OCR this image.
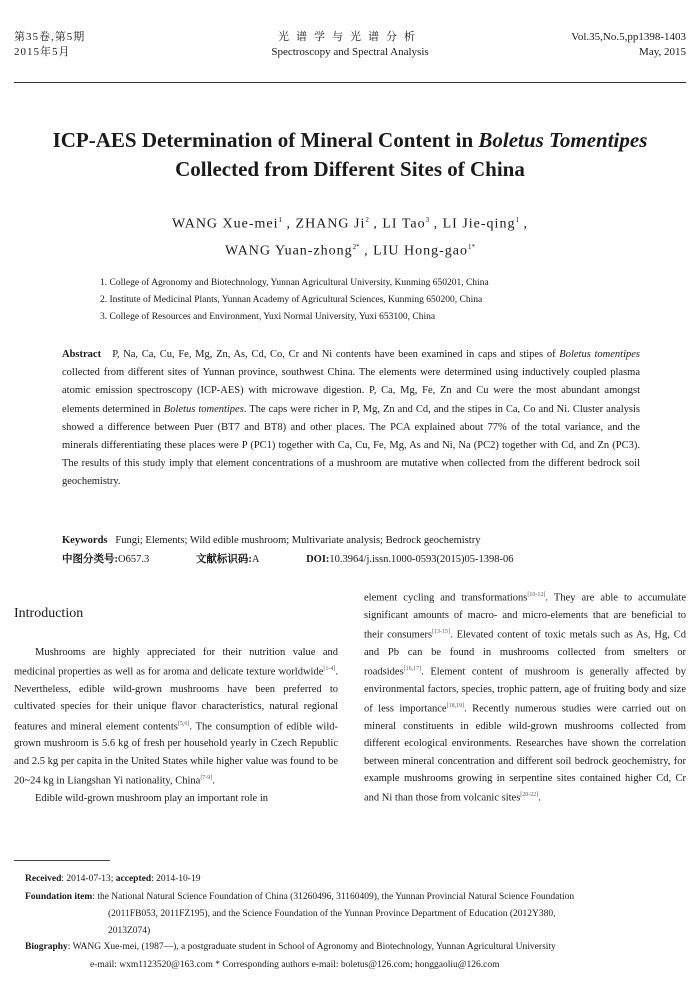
第35卷,第5期
2015年5月
光谱学与光谱分析
Spectroscopy and Spectral Analysis
Vol.35,No.5,pp1398-1403
May, 2015
ICP-AES Determination of Mineral Content in Boletus Tomentipes
Collected from Different Sites of China
WANG Xue-mei$^1$ , ZHANG Ji$^2$ , LI Tao$^3$ , LI Jie-qing$^1$ ,
WANG Yuan-zhong$^{2*}$ , LIU Hong-gao$^{1*}$
1. College of Agronomy and Biotechnology, Yunnan Agricultural University, Kunming 650201, China
2. Institute of Medicinal Plants, Yunnan Academy of Agricultural Sciences, Kunming 650200, China
3. College of Resources and Environment, Yuxi Normal University, Yuxi 653100, China
Abstract P, Na, Ca, Cu, Fe, Mg, Zn, As, Cd, Co, Cr and Ni contents have been examined in caps and stipes of Boletus tomentipes collected from different sites of Yunnan province, southwest China. The elements were determined using inductively coupled plasma atomic emission spectroscopy (ICP-AES) with microwave digestion. P, Ca, Mg, Fe, Zn and Cu were the most abundant amongst elements determined in Boletus tomentipes. The caps were richer in P, Mg, Zn and Cd, and the stipes in Ca, Co and Ni. Cluster analysis showed a difference between Puer (BT7 and BT8) and other places. The PCA explained about 77% of the total variance, and the minerals differentiating these places were P (PC1) together with Ca, Cu, Fe, Mg, As and Ni, Na (PC2) together with Cd, and Zn (PC3). The results of this study imply that element concentrations of a mushroom are mutative when collected from the different bedrock soil geochemistry.
Keywords Fungi; Elements; Wild edible mushroom; Multivariate analysis; Bedrock geochemistry
中图分类号:O657.3	文献标识码:A	DOI:10.3964/j.issn.1000-0593(2015)05-1398-06
Introduction

Mushrooms are highly appreciated for their nutrition value and medicinal properties as well as for aroma and delicate texture worldwide[1-4]. Nevertheless, edible wild-grown mushrooms have been preferred to cultivated species for their unique flavor characteristics, natural regional features and mineral element contents[5,6]. The consumption of edible wild-grown mushroom is 5.6 kg of fresh per household yearly in Czech Republic and 2.5 kg per capita in the United States while higher value was found to be 20~24 kg in Liangshan Yi nationality, China[7-9].

Edible wild-grown mushroom play an important role in

element cycling and transformations[10-12]. They are able to accumulate significant amounts of macro- and micro-elements that are beneficial to their consumers[13-15]. Elevated content of toxic metals such as As, Hg, Cd and Pb can be found in mushrooms collected from smelters or roadsides[16,17]. Element content of mushroom is generally affected by environmental factors, species, trophic pattern, age of fruiting body and size of less importance[18,19]. Recently numerous studies were carried out on mineral constituents in edible wild-grown mushrooms collected from different ecological environments. Researches have shown the correlation between mineral concentration and different soil bedrock geochemistry, for example mushrooms growing in serpentine sites contained higher Cd, Cr and Ni than those from volcanic sites[20-22].

Received: 2014-07-13; accepted: 2014-10-19
Foundation item: the National Natural Science Foundation of China (31260496, 31160409), the Yunnan Provincial Natural Science Foundation
(2011FB053, 2011FZ195), and the Science Foundation of the Yunnan Province Department of Education (2012Y380,
2013Z074)
Biography: WANG Xue-mei, (1987—), a postgraduate student in School of Agronomy and Biotechnology, Yunnan Agricultural University
e-mail: wxm1123520@163.com * Corresponding authors e-mail: boletus@126.com; honggaoliu@126.com
